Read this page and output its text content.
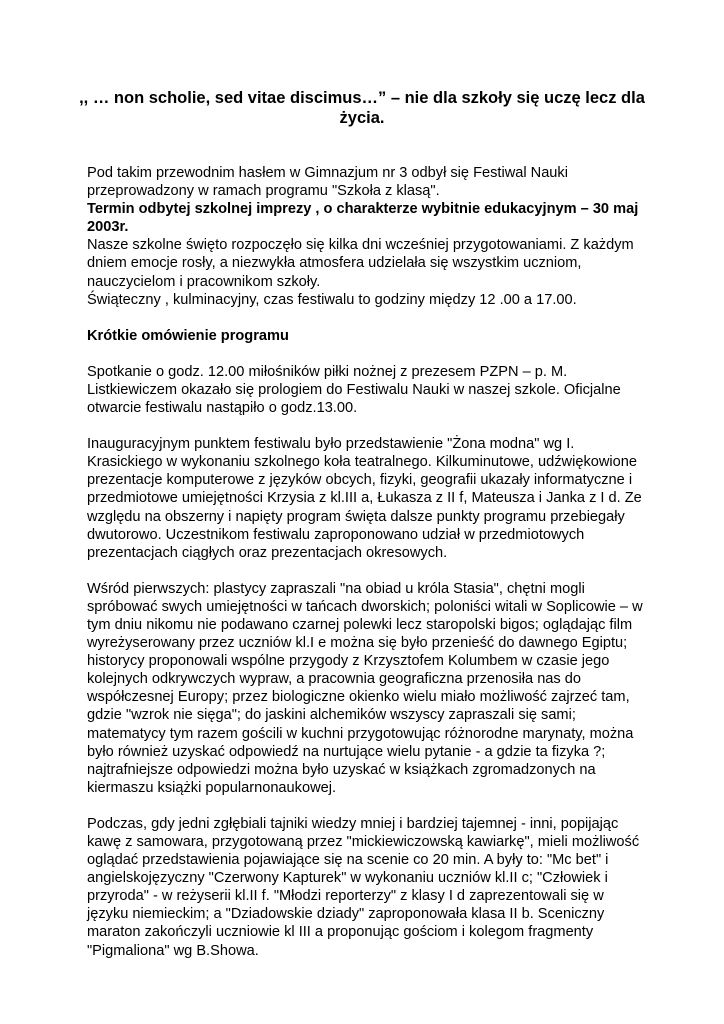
,, … non scholie, sed vitae discimus…” – nie dla szkoły się uczę lecz dla życia.

Pod takim przewodnim hasłem w Gimnazjum nr 3 odbył się Festiwal Nauki przeprowadzony w ramach programu "Szkoła z klasą".
Termin odbytej szkolnej imprezy , o charakterze wybitnie edukacyjnym – 30 maj 2003r.
Nasze szkolne święto rozpoczęło się kilka dni wcześniej przygotowaniami. Z każdym dniem emocje rosły, a niezwykła atmosfera udzielała się wszystkim uczniom, nauczycielom i pracownikom szkoły.
Świąteczny , kulminacyjny, czas festiwalu to godziny między 12 .00 a 17.00.

Krótkie omówienie programu

Spotkanie o godz. 12.00 miłośników piłki nożnej z prezesem PZPN – p. M. Listkiewiczem okazało się prologiem do Festiwalu Nauki w naszej szkole. Oficjalne otwarcie festiwalu nastąpiło o godz.13.00.

Inauguracyjnym punktem festiwalu było przedstawienie "Żona modna" wg I. Krasickiego w wykonaniu szkolnego koła teatralnego. Kilkuminutowe, udźwiękowione prezentacje komputerowe z języków obcych, fizyki, geografii ukazały informatyczne i przedmiotowe umiejętności Krzysia z kl.III a, Łukasza z II f, Mateusza i Janka z I d. Ze względu na obszerny i napięty program święta dalsze punkty programu przebiegały dwutorowo. Uczestnikom festiwalu zaproponowano udział w przedmiotowych prezentacjach ciągłych oraz prezentacjach okresowych.

Wśród pierwszych: plastycy zapraszali "na obiad u króla Stasia", chętni mogli spróbować swych umiejętności w tańcach dworskich; poloniści witali w Soplicowie – w tym dniu nikomu nie podawano czarnej polewki lecz staropolski bigos; oglądając film wyreżyserowany przez uczniów kl.I e można się było przenieść do dawnego Egiptu; historycy proponowali wspólne przygody z Krzysztofem Kolumbem w czasie jego kolejnych odkrywczych wypraw, a pracownia geograficzna przenosiła nas do współczesnej Europy; przez biologiczne okienko wielu miało możliwość zajrzeć tam, gdzie "wzrok nie sięga"; do jaskini alchemików wszyscy zapraszali się sami; matematycy tym razem gościli w kuchni przygotowując różnorodne marynaty, można było również uzyskać odpowiedź na nurtujące wielu pytanie - a gdzie ta fizyka ?; najtrafniejsze odpowiedzi można było uzyskać w książkach zgromadzonych na kiermaszu książki popularnonaukowej.

Podczas, gdy jedni zgłębiali tajniki wiedzy mniej i bardziej tajemnej - inni, popijając kawę z samowara, przygotowaną przez "mickiewiczowską kawiarkę", mieli możliwość oglądać przedstawienia pojawiające się na scenie co 20 min. A były to: "Mc bet" i angielskojęzyczny "Czerwony Kapturek" w wykonaniu uczniów kl.II c; "Człowiek i przyroda" - w reżyserii kl.II f. "Młodzi reporterzy" z klasy I d zaprezentowali się w języku niemieckim; a "Dziadowskie dziady" zaproponowała klasa II b. Sceniczny maraton zakończyli uczniowie kl III a proponując gościom i kolegom fragmenty "Pigmaliona" wg B.Showa.
